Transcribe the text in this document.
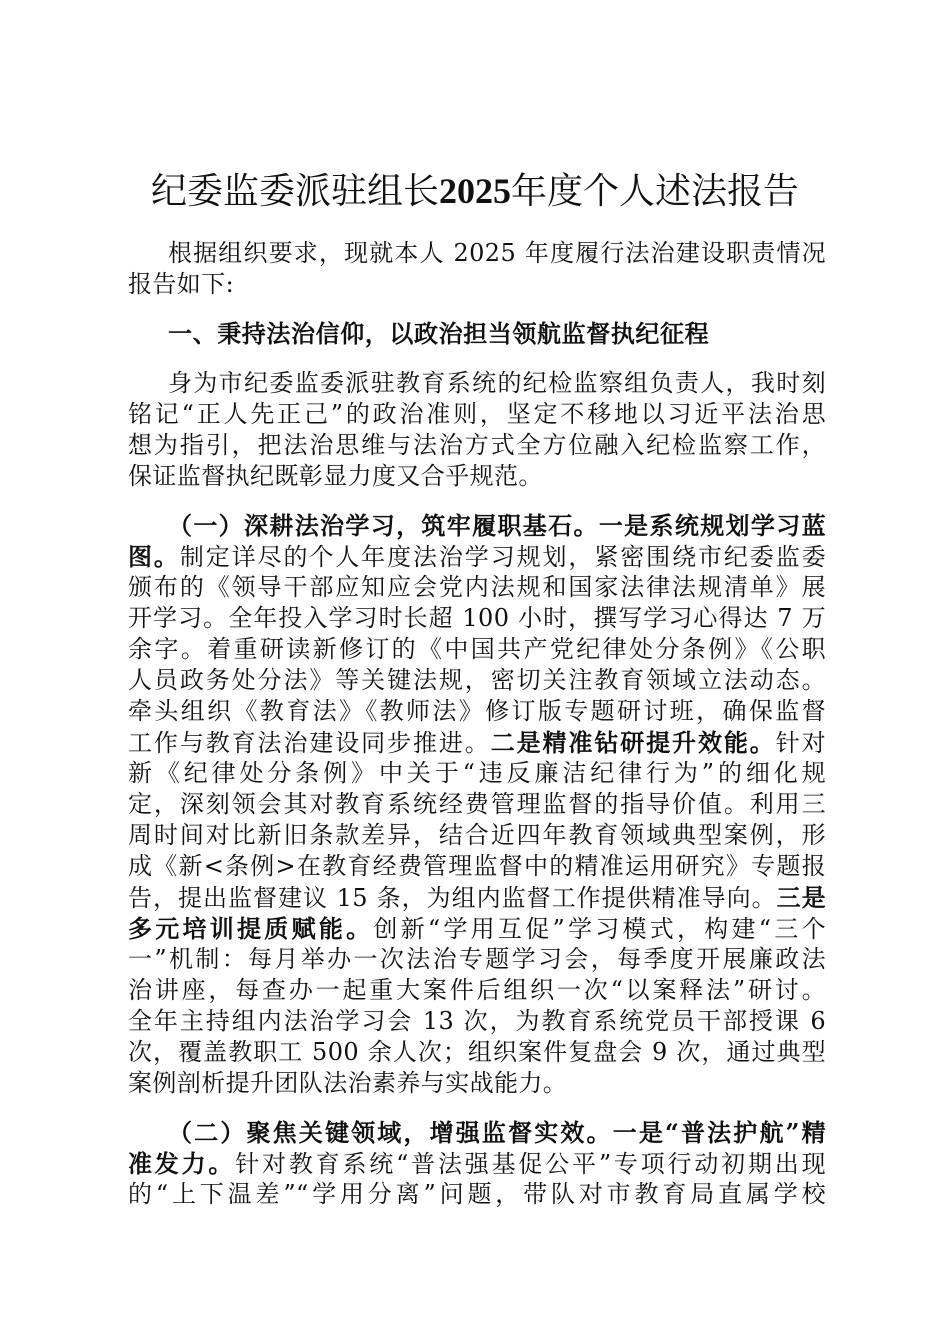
纪委监委派驻组长2025年度个人述法报告
根据组织要求，现就本人 2025 年度履行法治建设职责情况
报告如下:
一、秉持法治信仰，以政治担当领航监督执纪征程
身为市纪委监委派驻教育系统的纪检监察组负责人，我时刻
铭记“正人先正己”的政治准则，坚定不移地以习近平法治思
想为指引，把法治思维与法治方式全方位融入纪检监察工作，
保证监督执纪既彰显力度又合乎规范。
（一）深耕法治学习，筑牢履职基石。一是系统规划学习蓝
图。制定详尽的个人年度法治学习规划，紧密围绕市纪委监委
颁布的《领导干部应知应会党内法规和国家法律法规清单》展
开学习。全年投入学习时长超 100 小时，撰写学习心得达 7 万
余字。着重研读新修订的《中国共产党纪律处分条例》《公职
人员政务处分法》等关键法规，密切关注教育领域立法动态。
牵头组织《教育法》《教师法》修订版专题研讨班，确保监督
工作与教育法治建设同步推进。二是精准钻研提升效能。针对
新《纪律处分条例》中关于“违反廉洁纪律行为”的细化规
定，深刻领会其对教育系统经费管理监督的指导价值。利用三
周时间对比新旧条款差异，结合近四年教育领域典型案例，形
成《新<条例>在教育经费管理监督中的精准运用研究》专题报
告，提出监督建议 15 条，为组内监督工作提供精准导向。三是
多元培训提质赋能。创新“学用互促”学习模式，构建“三个
一”机制：每月举办一次法治专题学习会，每季度开展廉政法
治讲座，每查办一起重大案件后组织一次“以案释法”研讨。
全年主持组内法治学习会 13 次，为教育系统党员干部授课 6
次，覆盖教职工 500 余人次；组织案件复盘会 9 次，通过典型
案例剖析提升团队法治素养与实战能力。
（二）聚焦关键领域，增强监督实效。一是“普法护航”精
准发力。针对教育系统“普法强基促公平”专项行动初期出现
的“上下温差”“学用分离”问题，带队对市教育局直属学校
